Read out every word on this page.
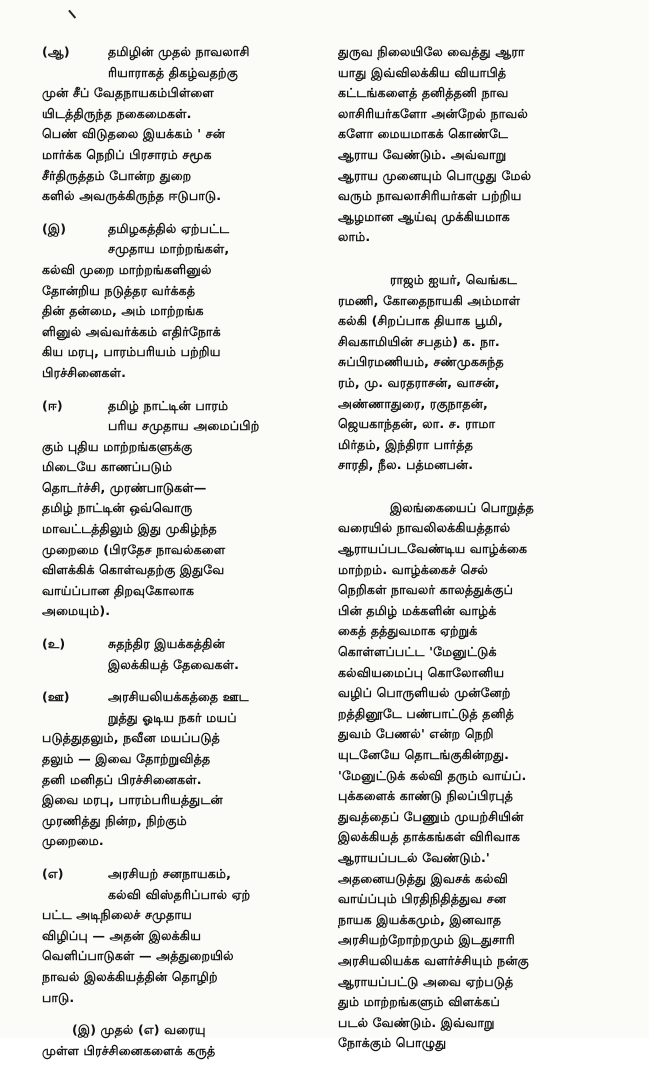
(ஆ)	தமிழின் முதல் நாவலாசி
ரியாராகத் திகழ்வதற்கு
முன் சீப் வேதநாயகம்பிள்ளை
யிடத்திருந்த நகைமைகள்.
பெண் விடுதலை இயக்கம் ' சன்
மார்க்க நெறிப் பிரசாரம் சமூக
சீர்திருத்தம் போன்ற துறை
களில் அவருக்கிருந்த ஈடுபாடு.
(இ)	தமிழகத்தில் ஏற்பட்ட
சமுதாய மாற்றங்கள்,
கல்வி முறை மாற்றங்களினுல்
தோன்றிய நடுத்தர வர்க்கத்
தின் தன்மை, அம் மாற்றங்க
ளினுல் அவ்வர்க்கம் எதிர்நோக்
கிய மரபு, பாரம்பரியம் பற்றிய
பிரச்சினைகள்.
(ஈ)	தமிழ் நாட்டின் பாரம்
பரிய சமுதாய அமைப்பிற்
கும் புதிய மாற்றங்களுக்கு
மிடையே காணப்படும்
தொடர்ச்சி, முரண்பாடுகள்—
தமிழ் நாட்டின் ஒவ்வொரு
மாவட்டத்திலும் இது முகிழ்ந்த
முறைமை (பிரதேச நாவல்களை
விளக்கிக் கொள்வதற்கு இதுவே
வாய்ப்பான திறவுகோலாக
அமையும்).
(உ)	சுதந்திர இயக்கத்தின்
இலக்கியத் தேவைகள்.
(ஊ)	அரசியலியக்கத்தை ஊட
றுத்து ஓடிய நகர் மயப்
படுத்துதலும், நவீன மயப்படுத்
தலும் — இவை தோற்றுவித்த
தனி மனிதப் பிரச்சினைகள்.
இவை மரபு, பாரம்பரியத்துடன்
முரணித்து நின்ற, நிற்கும்
முறைமை.
(எ)	அரசியற் சனநாயகம்,
கல்வி விஸ்தரிப்பால் ஏற்
பட்ட அடிநிலைச் சமுதாய
விழிப்பு — அதன் இலக்கிய
வெளிப்பாடுகள் — அத்துறையில்
நாவல் இலக்கியத்தின் தொழிற்
பாடு.
(இ) முதல் (எ) வரையு
முள்ள பிரச்சினைகளைக் கருத்
துருவ நிலையிலே வைத்து ஆரா
யாது இவ்விலக்கிய வியாபித்
கட்டங்களைத் தனித்தனி நாவ
லாசிரியர்களோ அன்றேல் நாவல்
களோ மையமாகக் கொண்டே
ஆராய வேண்டும். அவ்வாறு
ஆராய முனையும் பொழுது மேல்
வரும் நாவலாசிரியர்கள் பற்றிய
ஆழமான ஆய்வு முக்கியமாக
லாம்.
ராஜம் ஐயர், வெங்கட
ரமணி, கோதைநாயகி அம்மாள்
கல்கி (சிறப்பாக தியாக பூமி,
சிவகாமியின் சபதம்) க. நா.
சுப்பிரமணியம், சண்முகசுந்த
ரம், மு. வரதராசன், வாசன்,
அண்ணாதுரை, ரகுநாதன்,
ஜெயகாந்தன், லா. ச. ராமா
மிர்தம், இந்திரா பார்த்த
சாரதி, நீல. பத்மனபன்.
இலங்கையைப் பொறுத்த
வரையில் நாவலிலக்கியத்தால்
ஆராயப்படவேண்டிய வாழ்க்கை
மாற்றம். வாழ்க்கைச் செல்
நெறிகள் நாவலர் காலத்துக்குப்
பின் தமிழ் மக்களின் வாழ்க்
கைத் தத்துவமாக ஏற்றுக்
கொள்ளப்பட்ட 'மேனுட்டுக்
கல்வியமைப்பு கொலோனிய
வழிப் பொருளியல் முன்னேற்
றத்தினூடே பண்பாட்டுத் தனித்
துவம் பேணல்' என்ற நெறி
யுடனேயே தொடங்குகின்றது.
'மேனுட்டுக் கல்வி தரும் வாய்ப்.
புக்களைக் காண்டு நிலப்பிரபுத்
துவத்தைப் பேணும் முயற்சியின்
இலக்கியத் தாக்கங்கள் விரிவாக
ஆராயப்படல் வேண்டும்.'
அதனையடுத்து இவசக் கல்வி
வாய்ப்பும் பிரதிநிதித்துவ சன
நாயக இயக்கமும், இனவாத
அரசியற்றோற்றமும் இடதுசாரி
அரசியலியக்க வளர்ச்சியும் நன்கு
ஆராயப்பட்டு அவை ஏற்படுத்
தும் மாற்றங்களும் விளக்கப்
படல் வேண்டும். இவ்வாறு
நோக்கும் பொழுது
